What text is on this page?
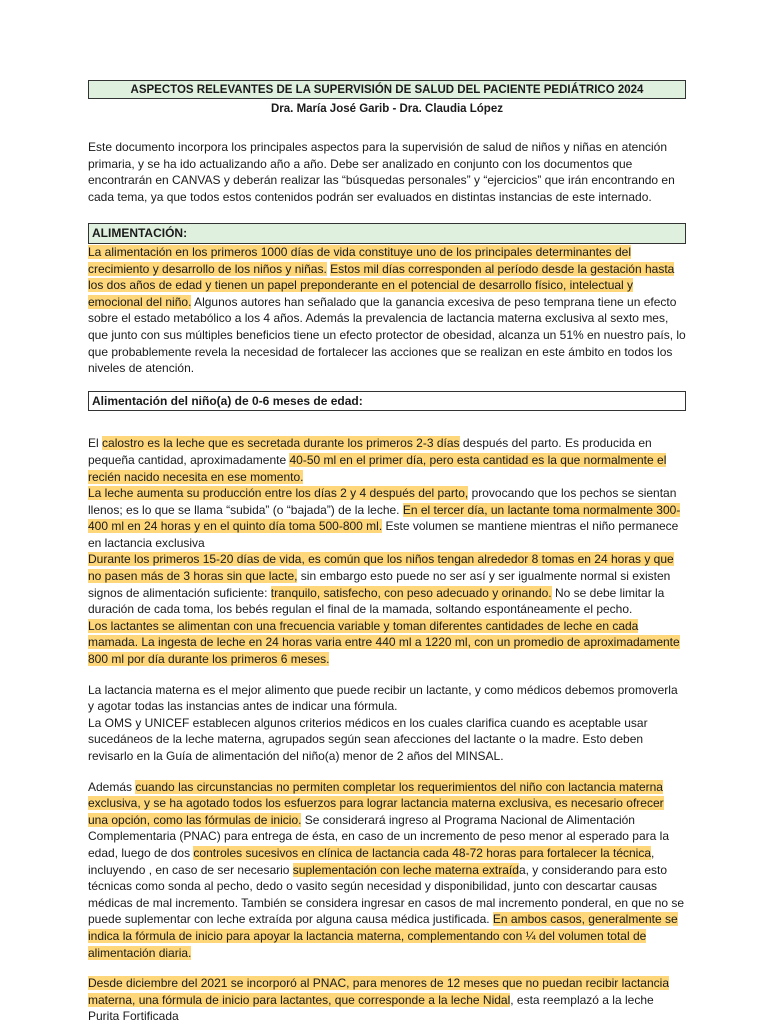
ASPECTOS RELEVANTES DE LA SUPERVISIÓN DE SALUD DEL PACIENTE PEDIÁTRICO 2024
Dra. María José Garib - Dra. Claudia López

Este documento incorpora los principales aspectos para la supervisión de salud de niños y niñas en atención primaria, y se ha ido actualizando año a año. Debe ser analizado en conjunto con los documentos que encontrarán en CANVAS y deberán realizar las “búsquedas personales” y “ejercicios” que irán encontrando en cada tema, ya que todos estos contenidos podrán ser evaluados en distintas instancias de este internado.

ALIMENTACIÓN:

La alimentación en los primeros 1000 días de vida constituye uno de los principales determinantes del crecimiento y desarrollo de los niños y niñas. Estos mil días corresponden al período desde la gestación hasta los dos años de edad y tienen un papel preponderante en el potencial de desarrollo físico, intelectual y emocional del niño. Algunos autores han señalado que la ganancia excesiva de peso temprana tiene un efecto sobre el estado metabólico a los 4 años. Además la prevalencia de lactancia materna exclusiva al sexto mes, que junto con sus múltiples beneficios tiene un efecto protector de obesidad, alcanza un 51% en nuestro país, lo que probablemente revela la necesidad de fortalecer las acciones que se realizan en este ámbito en todos los niveles de atención.

Alimentación del niño(a) de 0-6 meses de edad:

El calostro es la leche que es secretada durante los primeros 2-3 días después del parto. Es producida en pequeña cantidad, aproximadamente 40-50 ml en el primer día, pero esta cantidad es la que normalmente el recién nacido necesita en ese momento.

La leche aumenta su producción entre los días 2 y 4 después del parto, provocando que los pechos se sientan llenos; es lo que se llama “subida” (o “bajada”) de la leche. En el tercer día, un lactante toma normalmente 300-400 ml en 24 horas y en el quinto día toma 500-800 ml. Este volumen se mantiene mientras el niño permanece en lactancia exclusiva

Durante los primeros 15-20 días de vida, es común que los niños tengan alrededor 8 tomas en 24 horas y que no pasen más de 3 horas sin que lacte, sin embargo esto puede no ser así y ser igualmente normal si existen signos de alimentación suficiente: tranquilo, satisfecho, con peso adecuado y orinando. No se debe limitar la duración de cada toma, los bebés regulan el final de la mamada, soltando espontáneamente el pecho.

Los lactantes se alimentan con una frecuencia variable y toman diferentes cantidades de leche en cada mamada. La ingesta de leche en 24 horas varia entre 440 ml a 1220 ml, con un promedio de aproximadamente 800 ml por día durante los primeros 6 meses.

La lactancia materna es el mejor alimento que puede recibir un lactante, y como médicos debemos promoverla y agotar todas las instancias antes de indicar una fórmula.

La OMS y UNICEF establecen algunos criterios médicos en los cuales clarifica cuando es aceptable usar sucedáneos de la leche materna, agrupados según sean afecciones del lactante o la madre. Esto deben revisarlo en la Guía de alimentación del niño(a) menor de 2 años del MINSAL.

Además cuando las circunstancias no permiten completar los requerimientos del niño con lactancia materna exclusiva, y se ha agotado todos los esfuerzos para lograr lactancia materna exclusiva, es necesario ofrecer una opción, como las fórmulas de inicio. Se considerará ingreso al Programa Nacional de Alimentación Complementaria (PNAC) para entrega de ésta, en caso de un incremento de peso menor al esperado para la edad, luego de dos controles sucesivos en clínica de lactancia cada 48-72 horas para fortalecer la técnica, incluyendo , en caso de ser necesario suplementación con leche materna extraída, y considerando para esto técnicas como sonda al pecho, dedo o vasito según necesidad y disponibilidad, junto con descartar causas médicas de mal incremento. También se considera ingresar en casos de mal incremento ponderal, en que no se puede suplementar con leche extraída por alguna causa médica justificada. En ambos casos, generalmente se indica la fórmula de inicio para apoyar la lactancia materna, complementando con ¼ del volumen total de alimentación diaria.

Desde diciembre del 2021 se incorporó al PNAC, para menores de 12 meses que no puedan recibir lactancia materna, una fórmula de inicio para lactantes, que corresponde a la leche Nidal, esta reemplazó a la leche Purita Fortificada
